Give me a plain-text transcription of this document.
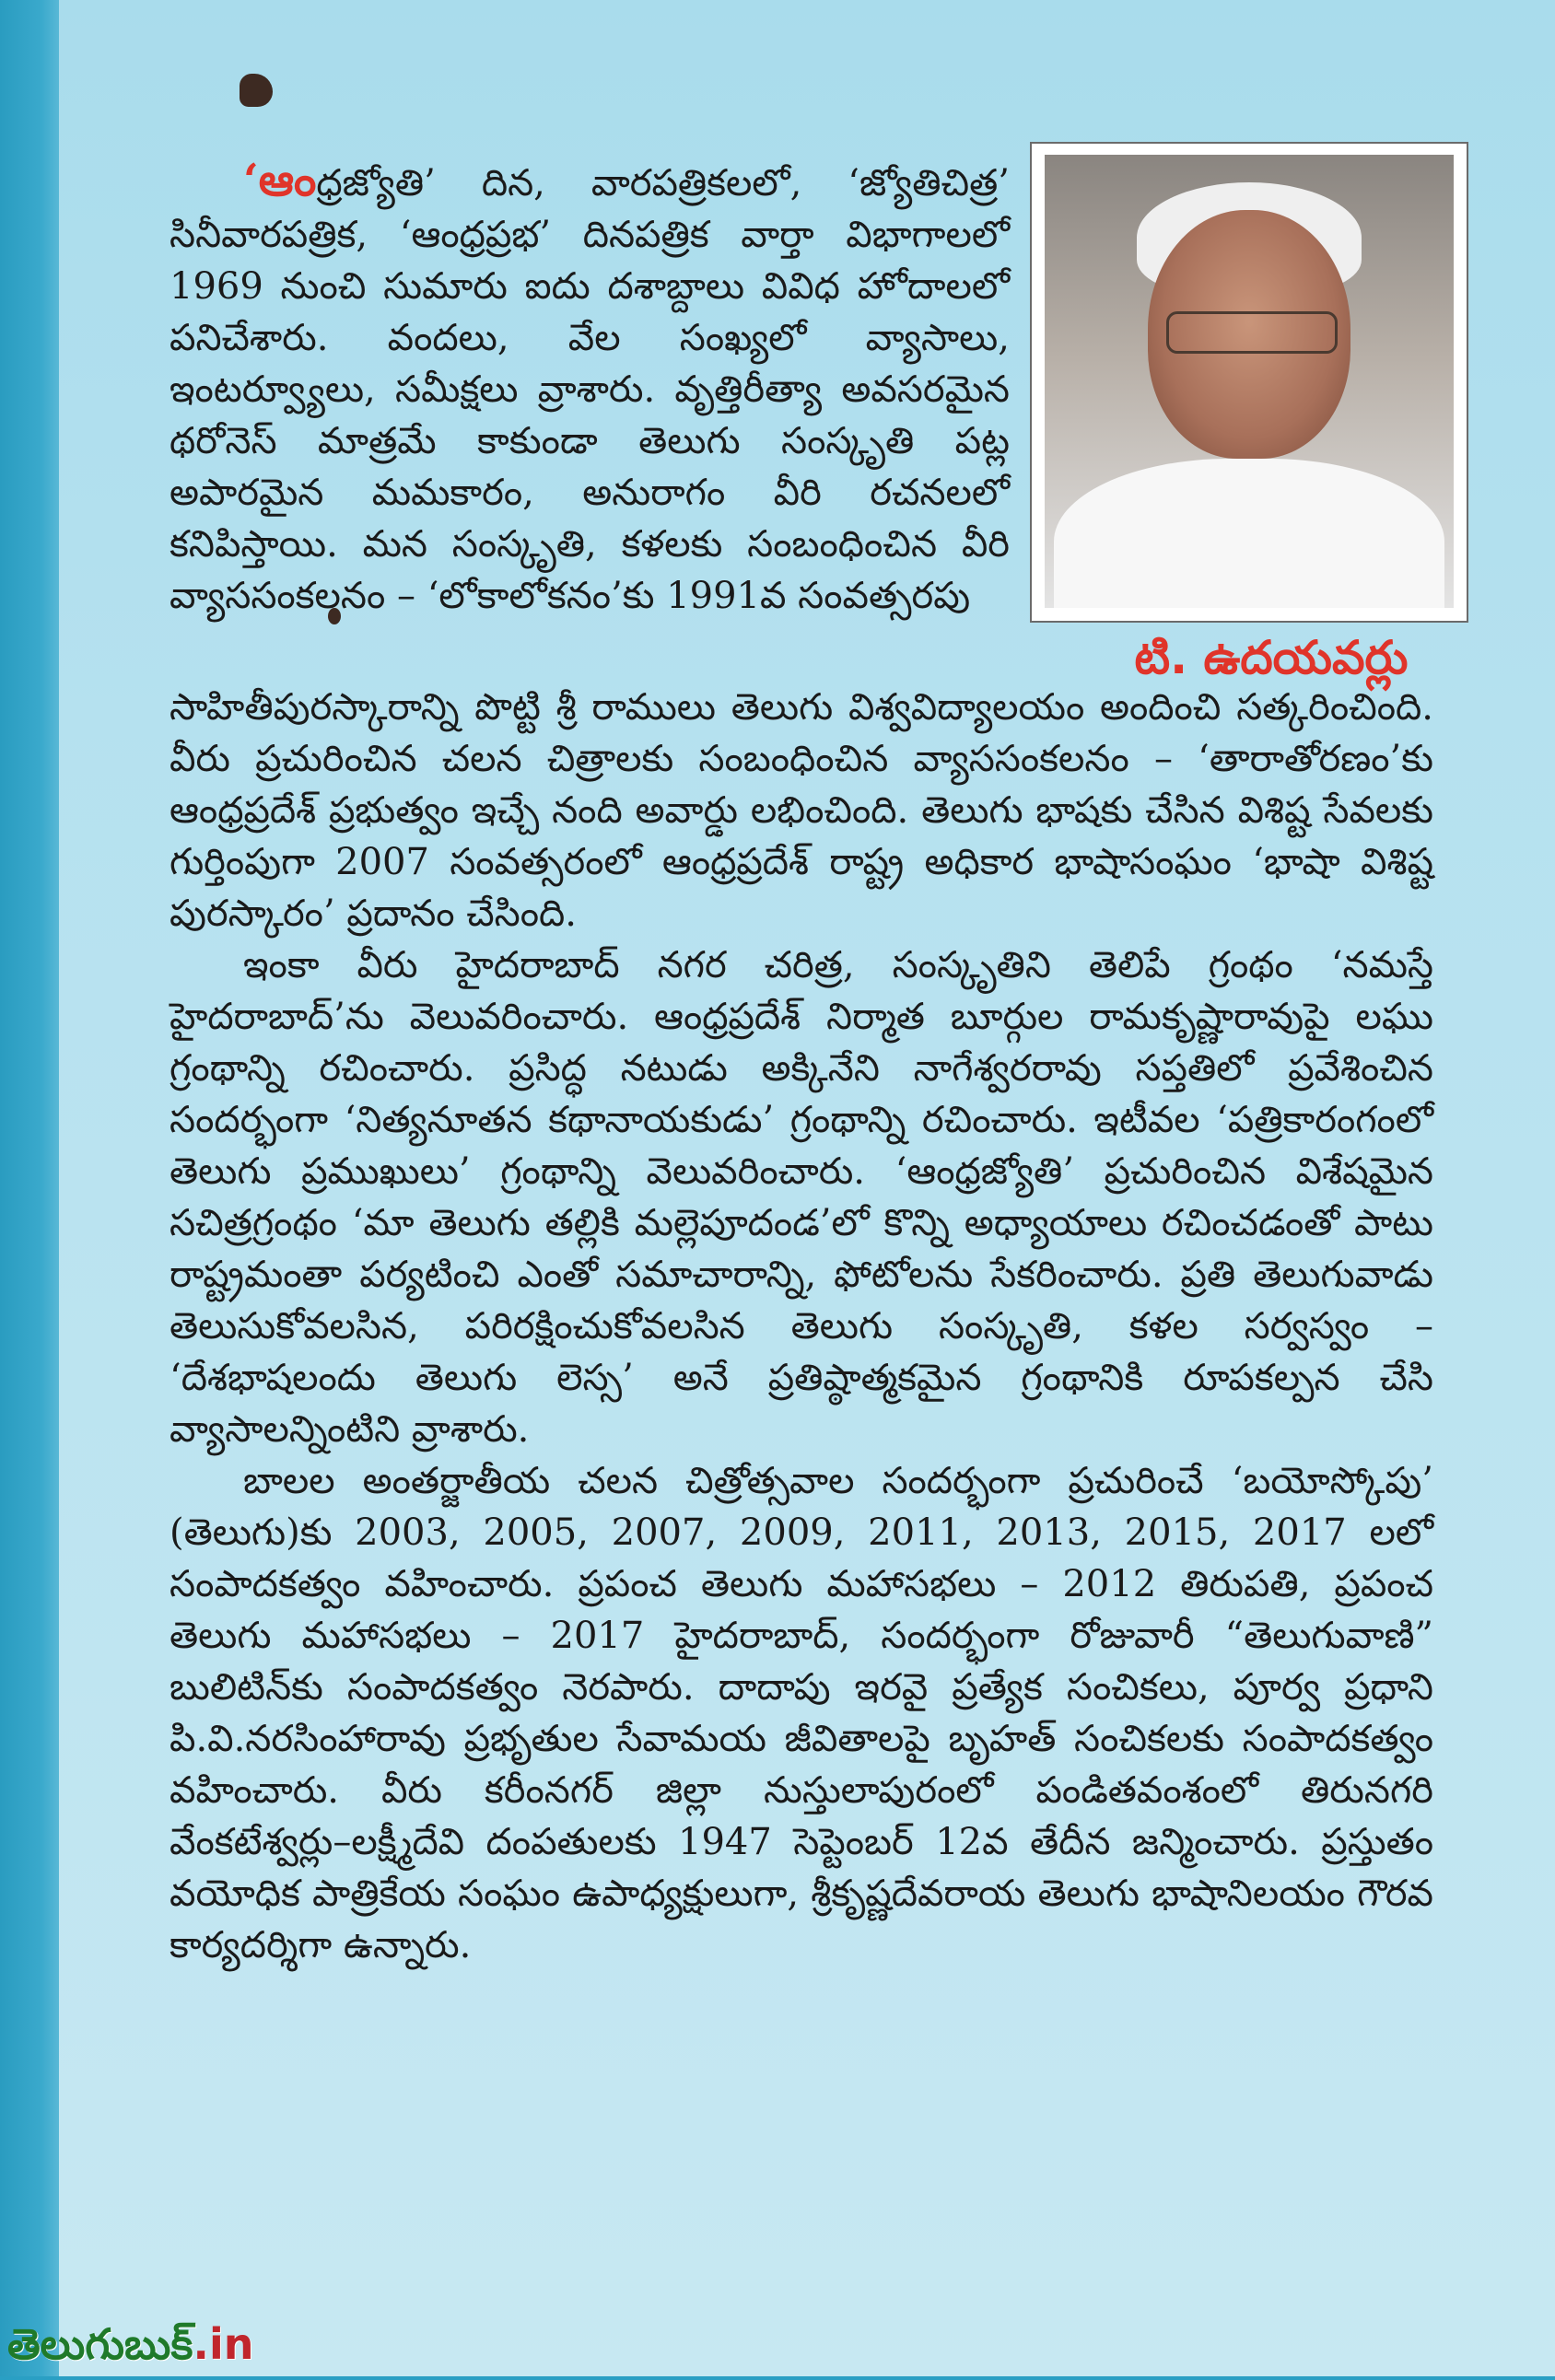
టి. ఉదయవర్లు

‘ఆంధ్రజ్యోతి’ దిన, వారపత్రికలలో, ‘జ్యోతిచిత్ర’ సినీవారపత్రిక, ‘ఆంధ్రప్రభ’ దినపత్రిక వార్తా విభాగాలలో 1969 నుంచి సుమారు ఐదు దశాబ్దాలు వివిధ హోదాలలో పనిచేశారు. వందలు, వేల సంఖ్యలో వ్యాసాలు, ఇంటర్వ్యూలు, సమీక్షలు వ్రాశారు. వృత్తిరీత్యా అవసరమైన థరోనెస్ మాత్రమే కాకుండా తెలుగు సంస్కృతి పట్ల అపారమైన మమకారం, అనురాగం వీరి రచనలలో కనిపిస్తాయి. మన సంస్కృతి, కళలకు సంబంధించిన వీరి వ్యాససంకలనం – ‘లోకాలోకనం’కు 1991వ సంవత్సరపు

సాహితీపురస్కారాన్ని పొట్టి శ్రీ రాములు తెలుగు విశ్వవిద్యాలయం అందించి సత్కరించింది. వీరు ప్రచురించిన చలన చిత్రాలకు సంబంధించిన వ్యాససంకలనం – ‘తారాతోరణం’కు ఆంధ్రప్రదేశ్ ప్రభుత్వం ఇచ్చే నంది అవార్డు లభించింది. తెలుగు భాషకు చేసిన విశిష్ట సేవలకు గుర్తింపుగా 2007 సంవత్సరంలో ఆంధ్రప్రదేశ్ రాష్ట్ర అధికార భాషాసంఘం ‘భాషా విశిష్ట పురస్కారం’ ప్రదానం చేసింది.

ఇంకా వీరు హైదరాబాద్ నగర చరిత్ర, సంస్కృతిని తెలిపే గ్రంథం ‘నమస్తే హైదరాబాద్’ను వెలువరించారు. ఆంధ్రప్రదేశ్ నిర్మాత బూర్గుల రామకృష్ణారావుపై లఘు గ్రంథాన్ని రచించారు. ప్రసిద్ధ నటుడు అక్కినేని నాగేశ్వరరావు సప్తతిలో ప్రవేశించిన సందర్భంగా ‘నిత్యనూతన కథానాయకుడు’ గ్రంథాన్ని రచించారు. ఇటీవల ‘పత్రికారంగంలో తెలుగు ప్రముఖులు’ గ్రంథాన్ని వెలువరించారు. ‘ఆంధ్రజ్యోతి’ ప్రచురించిన విశేషమైన సచిత్రగ్రంథం ‘మా తెలుగు తల్లికి మల్లెపూదండ’లో కొన్ని అధ్యాయాలు రచించడంతో పాటు రాష్ట్రమంతా పర్యటించి ఎంతో సమాచారాన్ని, ఫోటోలను సేకరించారు. ప్రతి తెలుగువాడు తెలుసుకోవలసిన, పరిరక్షించుకోవలసిన తెలుగు సంస్కృతి, కళల సర్వస్వం – ‘దేశభాషలందు తెలుగు లెస్స’ అనే ప్రతిష్ఠాత్మకమైన గ్రంథానికి రూపకల్పన చేసి వ్యాసాలన్నింటిని వ్రాశారు.

బాలల అంతర్జాతీయ చలన చిత్రోత్సవాల సందర్భంగా ప్రచురించే ‘బయోస్కోపు’ (తెలుగు)కు 2003, 2005, 2007, 2009, 2011, 2013, 2015, 2017 లలో సంపాదకత్వం వహించారు. ప్రపంచ తెలుగు మహాసభలు – 2012 తిరుపతి, ప్రపంచ తెలుగు మహాసభలు – 2017 హైదరాబాద్, సందర్భంగా రోజువారీ “తెలుగువాణి” బులిటిన్‌కు సంపాదకత్వం నెరపారు. దాదాపు ఇరవై ప్రత్యేక సంచికలు, పూర్వ ప్రధాని పి.వి.నరసింహారావు ప్రభృతుల సేవామయ జీవితాలపై బృహత్ సంచికలకు సంపాదకత్వం వహించారు. వీరు కరీంనగర్ జిల్లా నుస్తులాపురంలో పండితవంశంలో తిరునగరి వేంకటేశ్వర్లు–లక్ష్మీదేవి దంపతులకు 1947 సెప్టెంబర్ 12వ తేదీన జన్మించారు. ప్రస్తుతం వయోధిక పాత్రికేయ సంఘం ఉపాధ్యక్షులుగా, శ్రీకృష్ణదేవరాయ తెలుగు భాషానిలయం గౌరవ కార్యదర్శిగా ఉన్నారు.

తెలుగుబుక్.in
